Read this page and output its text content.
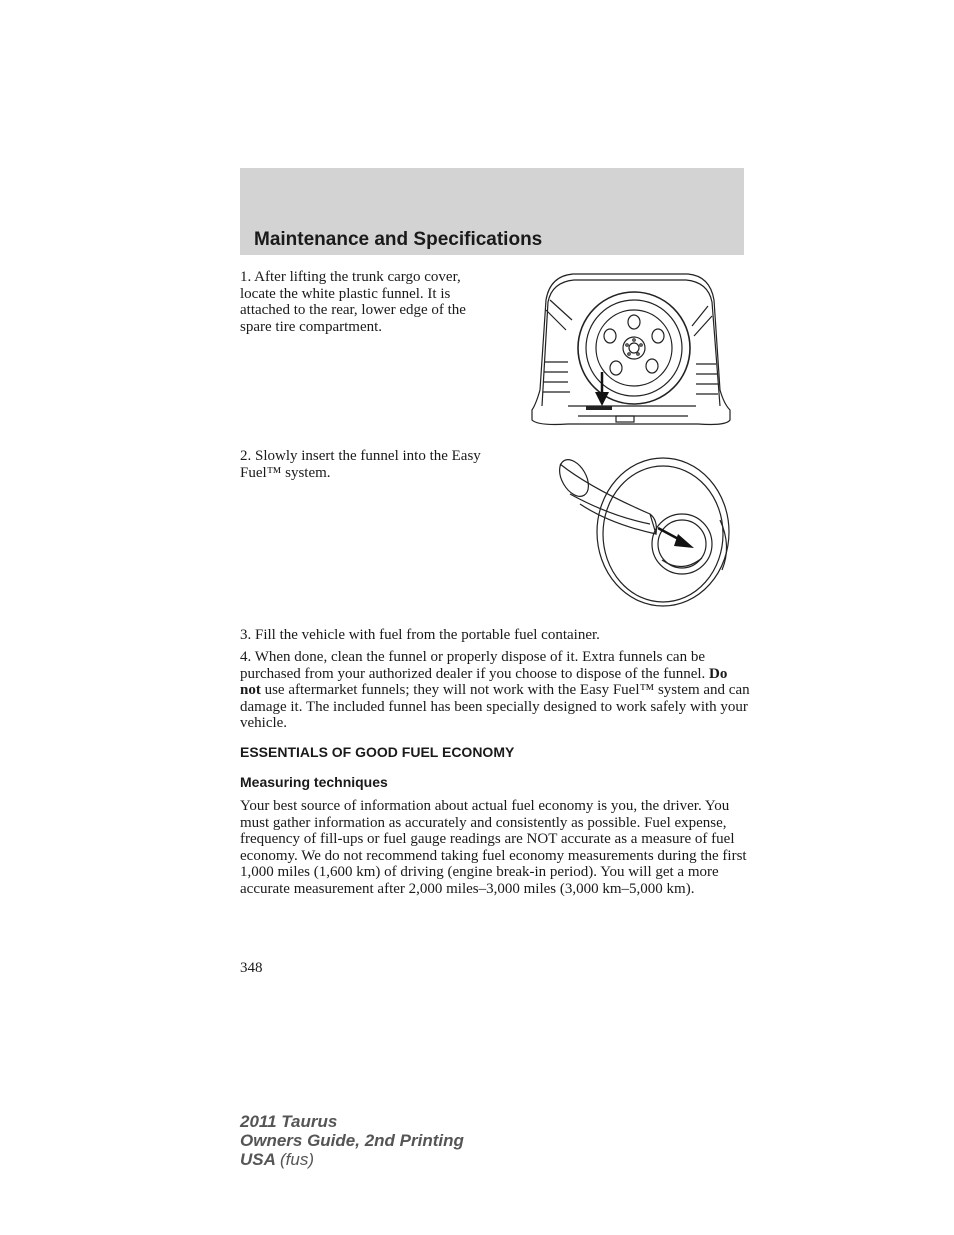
Maintenance and Specifications

1. After lifting the trunk cargo cover, locate the white plastic funnel. It is attached to the rear, lower edge of the spare tire compartment.

2. Slowly insert the funnel into the Easy Fuel™ system.

3. Fill the vehicle with fuel from the portable fuel container.

4. When done, clean the funnel or properly dispose of it. Extra funnels can be purchased from your authorized dealer if you choose to dispose of the funnel. Do not use aftermarket funnels; they will not work with the Easy Fuel™ system and can damage it. The included funnel has been specially designed to work safely with your vehicle.

ESSENTIALS OF GOOD FUEL ECONOMY
Measuring techniques

Your best source of information about actual fuel economy is you, the driver. You must gather information as accurately and consistently as possible. Fuel expense, frequency of fill-ups or fuel gauge readings are NOT accurate as a measure of fuel economy. We do not recommend taking fuel economy measurements during the first 1,000 miles (1,600 km) of driving (engine break-in period). You will get a more accurate measurement after 2,000 miles–3,000 miles (3,000 km–5,000 km).

348
2011 Taurus
Owners Guide, 2nd Printing
USA (fus)
